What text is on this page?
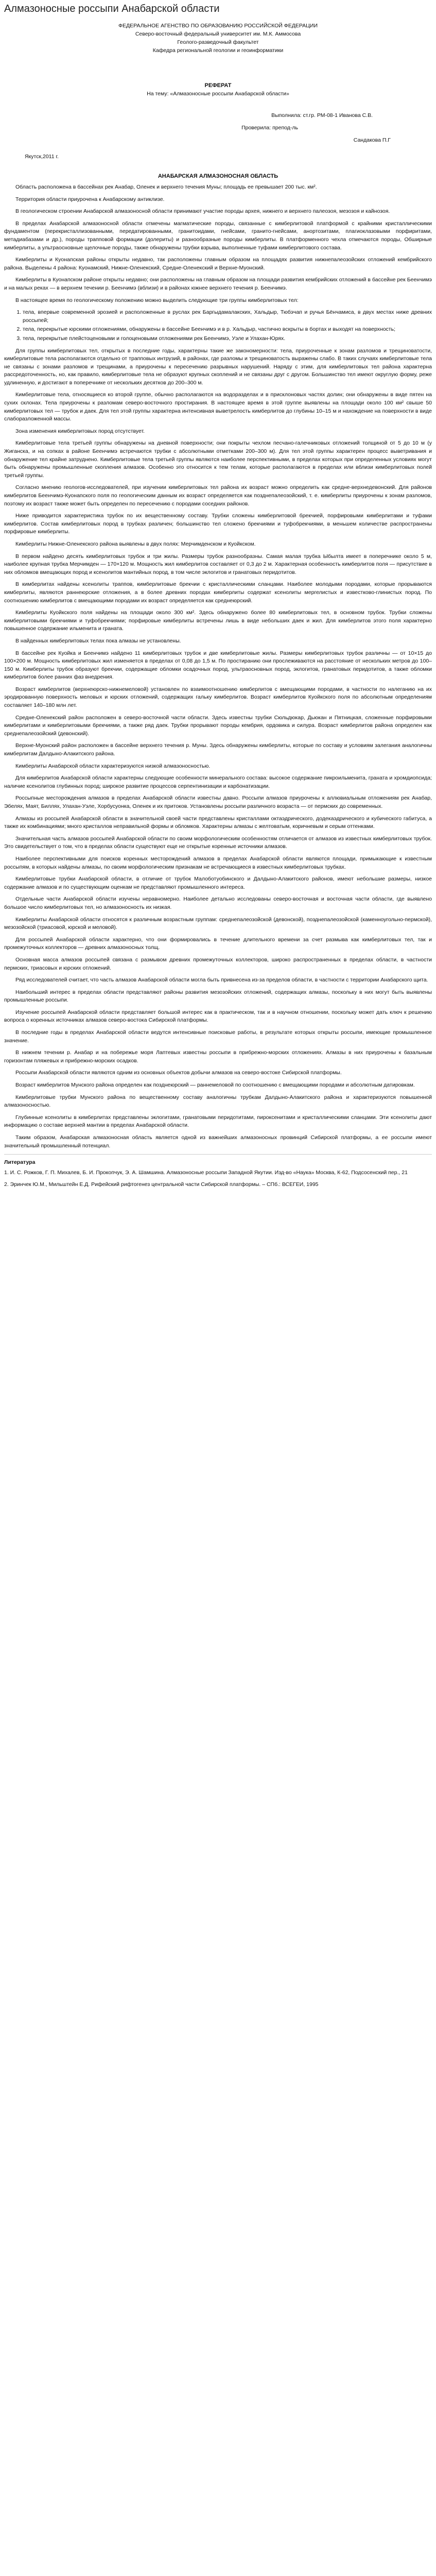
Алмазоносные россыпи Анабарской области

ФЕДЕРАЛЬНОЕ АГЕНСТВО ПО ОБРАЗОВАНИЮ РОССИЙСКОЙ ФЕДЕРАЦИИ

Северо-восточный федеральный университет им. М.К. Аммосова

Геолого-разведочный факультет

Кафедра региональной геологии и геоинформатики

РЕФЕРАТ

На тему: «Алмазоносные россыпи Анабарской области»

Выполнила: ст.гр. РМ-08-1 Иванова С.В.

Проверила: препод-ль

Сандакова П.Г

Якутск,2011 г.

АНАБАРСКАЯ АЛМАЗОНОСНАЯ ОБЛАСТЬ

Область расположена в бассейнах рек Анабар, Оленек и верхнего течения Муны; площадь ее превышает 200 тыс. км².

Территория области приурочена к Анабарскому антиклизе.

В геологическом строении Анабарской алмазоносной области принимают участие породы архея, нижнего и верхнего палеозоя, мезозоя и кайнозоя.

В пределах Анабарской алмазоносной области отмечены магматические породы, связанные с кимберлитовой платформой с крайними кристаллическими фундаментом (перекристаллизованными, передатированными, гранитоидами, гнейсами, гранито-гнейсами, анортозитами, плагиоклазовыми порфиритами, метадиабазами и др.), породы трапповой формации (долериты) и разнообразные породы кимберлиты. В платформенного чехла отмечаются породы, Обширные кимберлиты, а ультраосновные щелочные породы, также обнаружены трубки взрыва, выполненные туфами кимберлитового состава.

Кимберлиты и Куонапская районы открыты недавно, так расположены главным образом на площадях развития нижнепалеозойских отложений кембрийского района. Выделены 4 района: Куонамский, Нижне-Оленекский, Средне-Оленекский и Верхне-Муонский.

Кимберлиты в Куонапском районе открыты недавно; они расположены на главным образом на площади развития кембрийских отложений в бассейне рек Беенчимэ и на малых реках — в верхнем течении р. Беенчимэ (вблизи) и в районах южнее верхнего течения р. Беенчимэ.

В настоящее время по геологическому положению можно выделить следующие три группы кимберлитовых тел:

1. тела, впервые современной эрозией и расположенные в руслах рек Баргыдамалакских, Хальдыр, Тюбэчап и ручья Бёнчамиса, в двух местах ниже древних россыпей;
2. тела, перекрытые юрскими отложениями, обнаружены в бассейне Беенчимэ и в р. Хальдыр, частично вскрыты в бортах и выходят на поверхность;
3. тела, перекрытые плейстоценовыми и голоценовыми отложениями рек Беенчимэ, Уэле и Улахан-Юрях.

Для группы кимберлитовых тел, открытых в последние годы, характерны такие же закономерности: тела, приуроченные к зонам разломов и трещиноватости, кимберлитовые тела располагаются отдельно от трапповых интрузий, в районах, где разломы и трещиноватость выражены слабо. В таких случаях кимберлитовые тела не связаны с зонами разломов и трещинами, а приурочены к пересечению разрывных нарушений. Наряду с этим, для кимберлитовых тел района характерна рассредоточенность, но, как правило, кимберлитовые тела не образуют крупных скоплений и не связаны друг с другом. Большинство тел имеют округлую форму, реже удлиненную, и достигают в поперечнике от нескольких десятков до 200–300 м.

Кимберлитовые тела, относящиеся ко второй группе, обычно располагаются на водоразделах и в присклоновых частях долин; они обнаружены в виде пятен на сухих склонах. Тела приурочены к разломам северо-восточного простирания. В настоящее время в этой группе выявлены на площади около 100 км² свыше 50 кимберлитовых тел — трубок и даек. Для тел этой группы характерна интенсивная выветрелость кимберлитов до глубины 10–15 м и нахождение на поверхности в виде слаборазложенной массы.

Зона изменения кимберлитовых пород отсутствует.

Кимберлитовые тела третьей группы обнаружены на дневной поверхности; они покрыты чехлом песчано-галечниковых отложений толщиной от 5 до 10 м (у Жиганска, и на сопках в районе Беенчимэ встречаются трубки с абсолютными отметками 200–300 м). Для тел этой группы характерен процесс выветривания и обнаружение тел крайне затруднено. Кимберлитовые тела третьей группы являются наиболее перспективными, в пределах которых при определенных условиях могут быть обнаружены промышленные скопления алмазов. Особенно это относится к тем телам, которые располагаются в пределах или вблизи кимберлитовых полей третьей группы.

Согласно мнению геологов-исследователей, при изучении кимберлитовых тел района их возраст можно определить как средне-верхнедевонский. Для районов кимберлитов Беенчимэ-Куонапского поля по геологическим данным их возраст определяется как позднепалеозойский, т. е. кимберлиты приурочены к зонам разломов, поэтому их возраст также может быть определен по пересечению с породами соседних районов.

Ниже приводится характеристика трубок по их вещественному составу. Трубки сложены кимберлитовой брекчией, порфировыми кимберлитами и туфами кимберлитов. Состав кимберлитовых пород в трубках различен; большинство тел сложено брекчиями и туфобрекчиями, в меньшем количестве распространены порфировые кимберлиты.

Кимберлиты Нижне-Оленекского района выявлены в двух полях: Мерчимденском и Куойкском.

В первом найдено десять кимберлитовых трубок и три жилы. Размеры трубок разнообразны. Самая малая трубка Ыбылта имеет в поперечнике около 5 м, наиболее крупная трубка Мерчимден — 170×120 м. Мощность жил кимберлитов составляет от 0,3 до 2 м. Характерная особенность кимберлитов поля — присутствие в них обломков вмещающих пород и ксенолитов мантийных пород, в том числе эклогитов и гранатовых перидотитов.

В кимберлитах найдены ксенолиты траппов, кимберлитовые брекчии с кристаллическими сланцами. Наиболее молодыми породами, которые прорываются кимберлиты, являются раннеюрские отложения, а в более древних породах кимберлиты содержат ксенолиты мергелистых и известково-глинистых пород. По соотношению кимберлитов с вмещающими породами их возраст определяется как среднеюрский.

Кимберлиты Куойкского поля найдены на площади около 300 км². Здесь обнаружено более 80 кимберлитовых тел, в основном трубок. Трубки сложены кимберлитовыми брекчиями и туфобрекчиями; порфировые кимберлиты встречены лишь в виде небольших даек и жил. Для кимберлитов этого поля характерно повышенное содержание ильменита и граната.

В найденных кимберлитовых телах пока алмазы не установлены.

В бассейне рек Куойка и Беенчимэ найдено 11 кимберлитовых трубок и две кимберлитовые жилы. Размеры кимберлитовых трубок различны — от 10×15 до 100×200 м. Мощность кимберлитовых жил изменяется в пределах от 0,08 до 1,5 м. По простиранию они прослеживаются на расстояние от нескольких метров до 100–150 м. Кимберлиты трубок образуют брекчии, содержащие обломки осадочных пород, ультраосновных пород, эклогитов, гранатовых перидотитов, а также обломки кимберлитов более ранних фаз внедрения.

Возраст кимберлитов (верхнеюрско-нижнемеловой) установлен по взаимоотношению кимберлитов с вмещающими породами, в частности по налеганию на их эродированную поверхность меловых и юрских отложений, содержащих гальку кимберлитов. Возраст кимберлитов Куойкского поля по абсолютным определениям составляет 140–180 млн лет.

Средне-Оленекский район расположен в северо-восточной части области. Здесь известны трубки Сюльдюкар, Дьюкан и Пятницкая, сложенные порфировыми кимберлитами и кимберлитовыми брекчиями, а также ряд даек. Трубки прорывают породы кембрия, ордовика и силура. Возраст кимберлитов района определен как среднепалеозойский (девонский).

Верхне-Муонский район расположен в бассейне верхнего течения р. Муны. Здесь обнаружены кимберлиты, которые по составу и условиям залегания аналогичны кимберлитам Далдыно-Алакитского района.

Кимберлиты Анабарской области характеризуются низкой алмазоносностью.

Для кимберлитов Анабарской области характерны следующие особенности минерального состава: высокое содержание пикроильменита, граната и хромдиопсида; наличие ксенолитов глубинных пород; широкое развитие процессов серпентинизации и карбонатизации.

Россыпные месторождения алмазов в пределах Анабарской области известны давно. Россыпи алмазов приурочены к аллювиальным отложениям рек Анабар, Эбелях, Маят, Биллях, Улахан-Уэле, Хорбусуонка, Оленек и их притоков. Установлены россыпи различного возраста — от пермских до современных.

Алмазы из россыпей Анабарской области в значительной своей части представлены кристаллами октаэдрического, додекаэдрического и кубического габитуса, а также их комбинациями; много кристаллов неправильной формы и обломков. Характерны алмазы с желтоватым, коричневым и серым оттенками.

Значительная часть алмазов россыпей Анабарской области по своим морфологическим особенностям отличается от алмазов из известных кимберлитовых трубок. Это свидетельствует о том, что в пределах области существуют еще не открытые коренные источники алмазов.

Наиболее перспективными для поисков коренных месторождений алмазов в пределах Анабарской области являются площади, примыкающие к известным россыпям, в которых найдены алмазы, по своим морфологическим признакам не встречающиеся в известных кимберлитовых трубках.

Кимберлитовые трубки Анабарской области, в отличие от трубок Малоботуобинского и Далдыно-Алакитского районов, имеют небольшие размеры, низкое содержание алмазов и по существующим оценкам не представляют промышленного интереса.

Отдельные части Анабарской области изучены неравномерно. Наиболее детально исследованы северо-восточная и восточная части области, где выявлено большое число кимберлитовых тел, но алмазоносность их низкая.

Кимберлиты Анабарской области относятся к различным возрастным группам: среднепалеозойской (девонской), позднепалеозойской (каменноугольно-пермской), мезозойской (триасовой, юрской и меловой).

Для россыпей Анабарской области характерно, что они формировались в течение длительного времени за счет размыва как кимберлитовых тел, так и промежуточных коллекторов — древних алмазоносных толщ.

Основная масса алмазов россыпей связана с размывом древних промежуточных коллекторов, широко распространенных в пределах области, в частности пермских, триасовых и юрских отложений.

Ряд исследователей считает, что часть алмазов Анабарской области могла быть привнесена из-за пределов области, в частности с территории Анабарского щита.

Наибольший интерес в пределах области представляют районы развития мезозойских отложений, содержащих алмазы, поскольку в них могут быть выявлены промышленные россыпи.

Изучение россыпей Анабарской области представляет большой интерес как в практическом, так и в научном отношении, поскольку может дать ключ к решению вопроса о коренных источниках алмазов северо-востока Сибирской платформы.

В последние годы в пределах Анабарской области ведутся интенсивные поисковые работы, в результате которых открыты россыпи, имеющие промышленное значение.

В нижнем течении р. Анабар и на побережье моря Лаптевых известны россыпи в прибрежно-морских отложениях. Алмазы в них приурочены к базальным горизонтам пляжевых и прибрежно-морских осадков.

Россыпи Анабарской области являются одним из основных объектов добычи алмазов на северо-востоке Сибирской платформы.

Возраст кимберлитов Мунского района определен как позднеюрский — раннемеловой по соотношению с вмещающими породами и абсолютным датировкам.

Кимберлитовые трубки Мунского района по вещественному составу аналогичны трубкам Далдыно-Алакитского района и характеризуются повышенной алмазоносностью.

Глубинные ксенолиты в кимберлитах представлены эклогитами, гранатовыми перидотитами, пироксенитами и кристаллическими сланцами. Эти ксенолиты дают информацию о составе верхней мантии в пределах Анабарской области.

Таким образом, Анабарская алмазоносная область является одной из важнейших алмазоносных провинций Сибирской платформы, а ее россыпи имеют значительный промышленный потенциал.

Литература

1. И. С. Рожков, Г. П. Михалев, Б. И. Прокопчук, Э. А. Шамшина. Алмазоносные россыпи Западной Якутии. Изд-во «Наука» Москва, К-62, Подсосенский пер., 21

2. Эринчек Ю.М., Мильштейн Е.Д. Рифейский рифтогенез центральной части Сибирской платформы. – СПб.: ВСЕГЕИ, 1995
